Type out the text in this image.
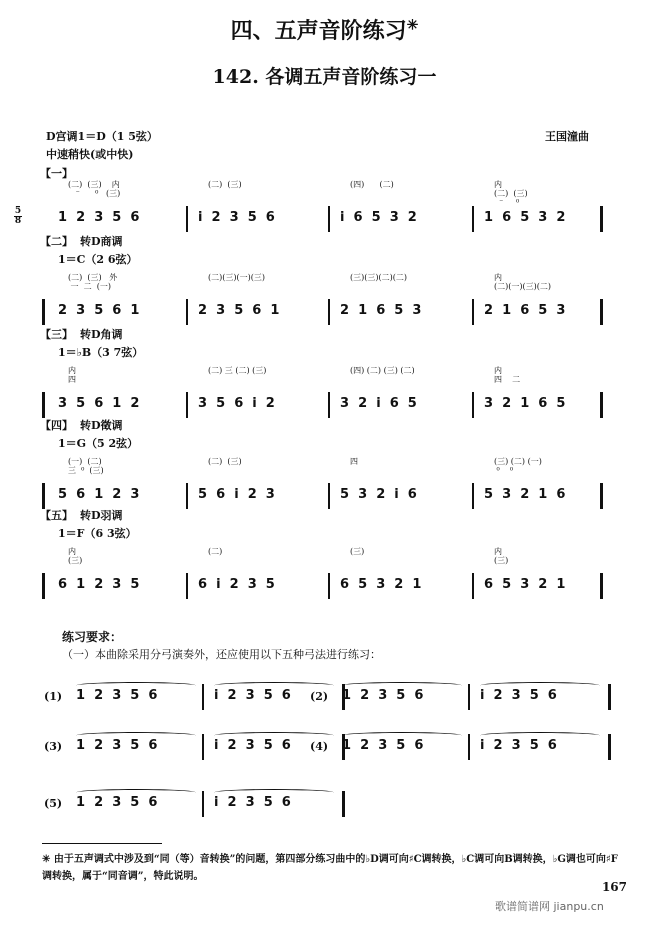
四、五声音阶练习✳
142. 各调五声音阶练习一
D宫调1＝D（1 5弦）
中速稍快(或中快)
王国潼曲
5
8
【一】
(二)  (三)    内
⁻      ⁰   (三)
1  2  3  5  6
(二)  (三)
i  2  3  5  6
(四)      (二)
i  6  5  3  2
内
(二)  (三)
⁻     ⁰
1  6  5  3  2
【二】 转D商调
1＝C（2 6弦）
(二)  (三)   外
一  二  (一)
2  3  5  6  1
(二)(三)(一)(三)
2  3  5  6  1
(三)(三)(二)(二)
2  1  6  5  3
内
(二)(一)(三)(二)
2  1  6  5  3
【三】 转D角调
1＝♭B（3 7弦）
内
四
3  5  6  1  2
(二) 三 (二) (三)
3  5  6  i  2
(四) (二) (三) (二)
3  2  i  6  5
内
四    二
3  2  1  6  5
【四】 转D徵调
1＝G（5 2弦）
(一)  (二)
三  ⁰  (三)
5  6  1  2  3
(二)  (三)
5  6  i  2  3
四
5  3  2  i  6
(三) (二) (一)
⁰    ⁰
5  3  2  1  6
【五】 转D羽调
1＝F（6 3弦）
内
(三)
6  1  2  3  5
(二)
6  i  2  3  5
(三)
6  5  3  2  1
内
(三)
6  5  3  2  1
练习要求：
（一）本曲除采用分弓演奏外，还应使用以下五种弓法进行练习：
(1) 1  2  3  5  6	i  2  3  5  6 (2) 1  2  3  5  6	i  2  3  5  6
(3) 1  2  3  5  6	i  2  3  5  6 (4) 1  2  3  5  6	i  2  3  5  6
(5) 1  2  3  5  6	i  2  3  5  6
✳ 由于五声调式中涉及到“同（等）音转换”的问题，第四部分练习曲中的♭D调可向♯C调转换，♭C调可向B调转换，♭G调也可向♯F调转换，属于“同音调”，特此说明。
167
歌谱简谱网 jianpu.cn
